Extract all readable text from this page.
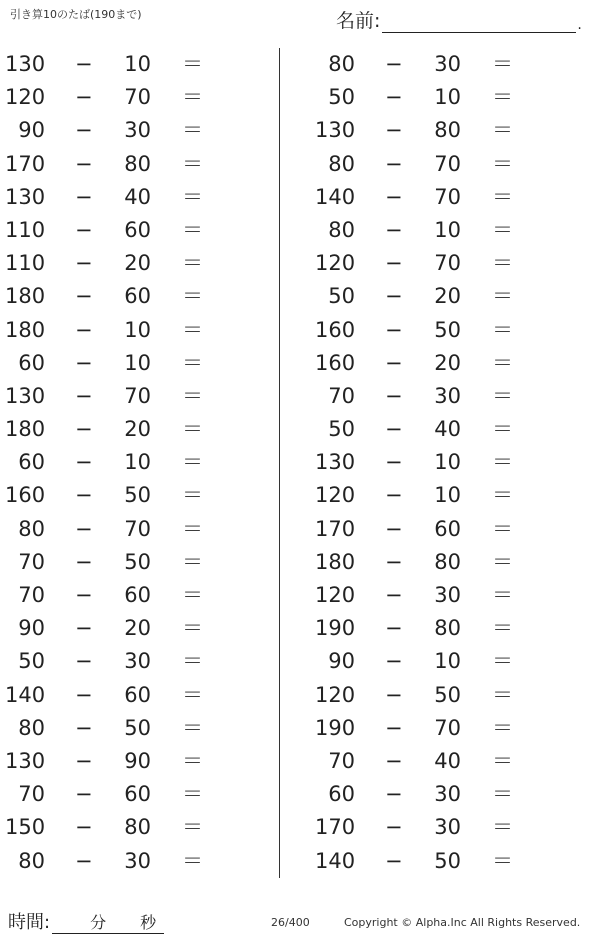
引き算10のたば(190まで)	名前:	.
130 − 10 ＝
120 − 70 ＝
90 − 30 ＝
170 − 80 ＝
130 − 40 ＝
110 − 60 ＝
110 − 20 ＝
180 − 60 ＝
180 − 10 ＝
60 − 10 ＝
130 − 70 ＝
180 − 20 ＝
60 − 10 ＝
160 − 50 ＝
80 − 70 ＝
70 − 50 ＝
70 − 60 ＝
90 − 20 ＝
50 − 30 ＝
140 − 60 ＝
80 − 50 ＝
130 − 90 ＝
70 − 60 ＝
150 − 80 ＝
80 − 30 ＝
80 − 30 ＝
50 − 10 ＝
130 − 80 ＝
80 − 70 ＝
140 − 70 ＝
80 − 10 ＝
120 − 70 ＝
50 − 20 ＝
160 − 50 ＝
160 − 20 ＝
70 − 30 ＝
50 − 40 ＝
130 − 10 ＝
120 − 10 ＝
170 − 60 ＝
180 − 80 ＝
120 − 30 ＝
190 − 80 ＝
90 − 10 ＝
120 − 50 ＝
190 − 70 ＝
70 − 40 ＝
60 − 30 ＝
170 − 30 ＝
140 − 50 ＝
時間:	分 秒	26/400	Copyright © Alpha.Inc All Rights Reserved.
